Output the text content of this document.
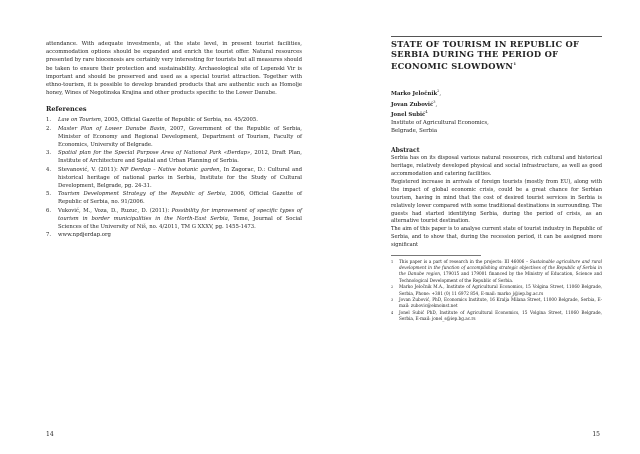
attendance. With adequate investments, at the state level, in present tourist facilities, accommodation options should be expanded and enrich the tourist offer. Natural resources presented by rare biocenosis are certainly very interesting for tourists but all measures should be taken to ensure their protection and sustainability. Archaeological site of Lepenski Vir is important and should be preserved and used as a special tourist attraction. Together with ethno-tourism, it is possible to develop branded products that are authentic such as Homolje honey, Wines of Negotinska Krajina and other products specific to the Lower Danube.

References
1.	Law on Tourism, 2005, Official Gazette of Republic of Serbia, no. 45/2005.
2.	Master Plan of Lower Danube Basin, 2007, Government of the Republic of Serbia, Minister of Economy and Regional Development, Department of Tourism, Faculty of Economics, University of Belgrade.
3.	Spatial plan for the Special Purpose Area of National Park «Đerdap», 2012, Draft Plan, Institute of Architecture and Spatial and Urban Planning of Serbia.
4.	Stevanović, V. (2011): NP Đerdap – Native botanic garden, In Zagorac, D.: Cultural and historical heritage of national parks in Serbia, Institute for the Study of Cultural Development, Belgrade, pg. 24-31.
5.	Tourism Development Strategy of the Republic of Serbia, 2006, Official Gazette of Republic of Serbia, no. 91/2006.
6.	Vuković, M., Voza, D., Ruzuc, D. (2011): Possibility for improvement of specific types of tourism in border municipalities in the North-East Serbia, Teme, Journal of Social Sciences of the University of Niš, no. 4/2011, TM G XXXV, pg. 1455-1473.
7.	www.npdjerdap.org
14
STATE OF TOURISM IN REPUBLIC OF SERBIA DURING THE PERIOD OF ECONOMIC SLOWDOWN$^1$
Marko Jeločnik$^2$,
Jovan Zubović$^3$,
Jonel Subić$^4$
Institute of Agricultural Economics,
Belgrade, Serbia
Abstract

Serbia has on its disposal various natural resources, rich cultural and historical heritage, relatively developed physical and social infrastructure, as well as good accommodation and catering facilities.

Registered increase in arrivals of foreign tourists (mostly from EU), along with the impact of global economic crisis, could be a great chance for Serbian tourism, having in mind that the cost of desired tourist services in Serbia is relatively lower compared with some traditional destinations in surrounding. The guests had started identifying Serbia, during the period of crisis, as an alternative tourist destination.

The aim of this paper is to analyse current state of tourist industry in Republic of Serbia, and to show that, during the recession period, it can be assigned more significant

1	This paper is a part of research in the projects: III 46006 – Sustainable agriculture and rural development in the function of accomplishing strategic objectives of the Republic of Serbia in the Danube region, 179015 and 179001 financed by the Ministry of Education, Science and Technological Development of the Republic of Serbia.
2	Marko Jeločnik M.A., Institute of Agricultural Economics, 15 Volgina Street, 11060 Belgrade, Serbia, Phone: +381 (0) 11 6972 854, E-mail: marko_j@iep.bg.ac.rs
3	Jovan Zubović, PhD, Economics Institute, 16 Kralja Milana Street, 11000 Belgrade, Serbia, E-mail: zubovic@eknoinst.net
4	Jonel Subić PhD, Institute of Agricultural Economics, 15 Volgina Street, 11060 Belgrade, Serbia, E-mail: jonel_s@iep.bg.ac.rs
15
